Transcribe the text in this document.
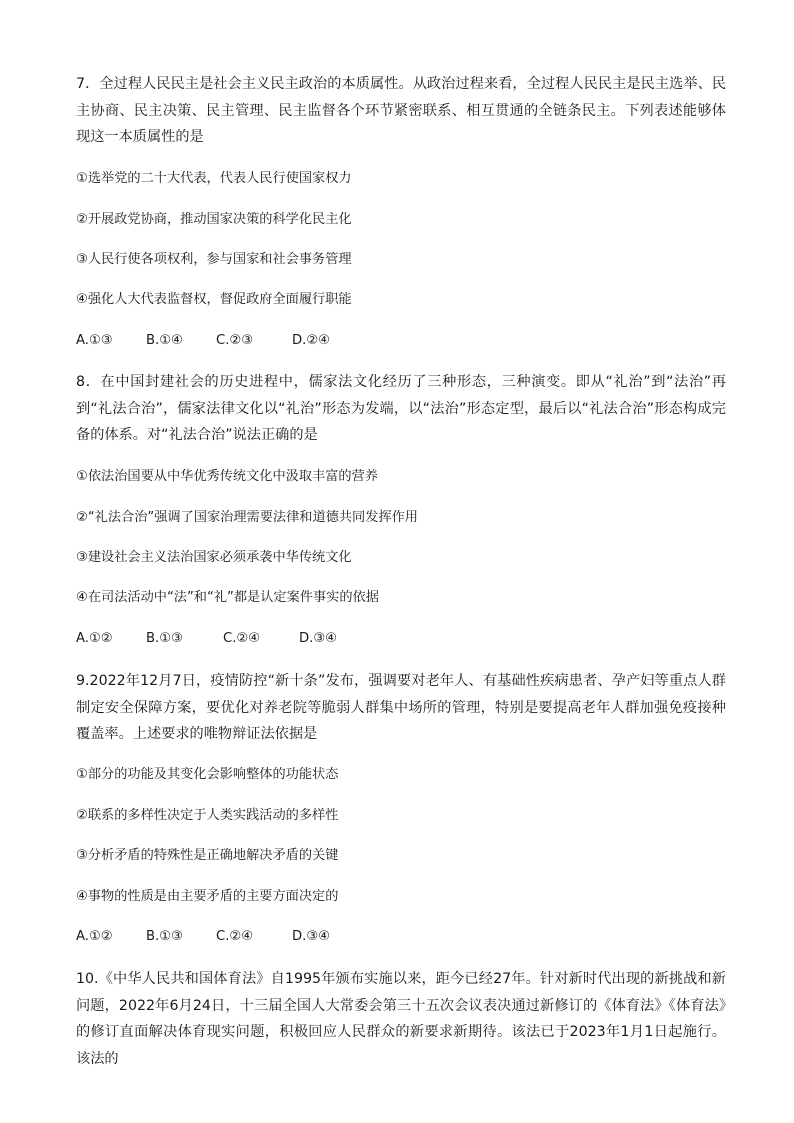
7．全过程人民民主是社会主义民主政治的本质属性。从政治过程来看，全过程人民民主是民主选举、民主协商、民主决策、民主管理、民主监督各个环节紧密联系、相互贯通的全链条民主。下列表述能够体现这一本质属性的是

①选举党的二十大代表，代表人民行使国家权力

②开展政党协商，推动国家决策的科学化民主化

③人民行使各项权利，参与国家和社会事务管理

④强化人大代表监督权，督促政府全面履行职能

A.①③	B.①④	C.②③	D.②④

8．在中国封建社会的历史进程中，儒家法文化经历了三种形态，三种演变。即从“礼治”到“法治”再到“礼法合治”，儒家法律文化以“礼治”形态为发端，以“法治”形态定型，最后以“礼法合治”形态构成完备的体系。对“礼法合治”说法正确的是

①依法治国要从中华优秀传统文化中汲取丰富的营养

②“礼法合治”强调了国家治理需要法律和道德共同发挥作用

③建设社会主义法治国家必须承袭中华传统文化

④在司法活动中“法”和“礼”都是认定案件事实的依据

A.①②	B.①③	C.②④	D.③④

9.2022年12月7日，疫情防控“新十条”发布，强调要对老年人、有基础性疾病患者、孕产妇等重点人群制定安全保障方案，要优化对养老院等脆弱人群集中场所的管理，特别是要提高老年人群加强免疫接种覆盖率。上述要求的唯物辩证法依据是

①部分的功能及其变化会影响整体的功能状态

②联系的多样性决定于人类实践活动的多样性

③分析矛盾的特殊性是正确地解决矛盾的关键

④事物的性质是由主要矛盾的主要方面决定的

A.①②	B.①③	C.②④	D.③④

10.《中华人民共和国体育法》自1995年颁布实施以来，距今已经27年。针对新时代出现的新挑战和新问题，2022年6月24日，十三届全国人大常委会第三十五次会议表决通过新修订的《体育法》《体育法》的修订直面解决体育现实问题，积极回应人民群众的新要求新期待。该法已于2023年1月1日起施行。该法的
